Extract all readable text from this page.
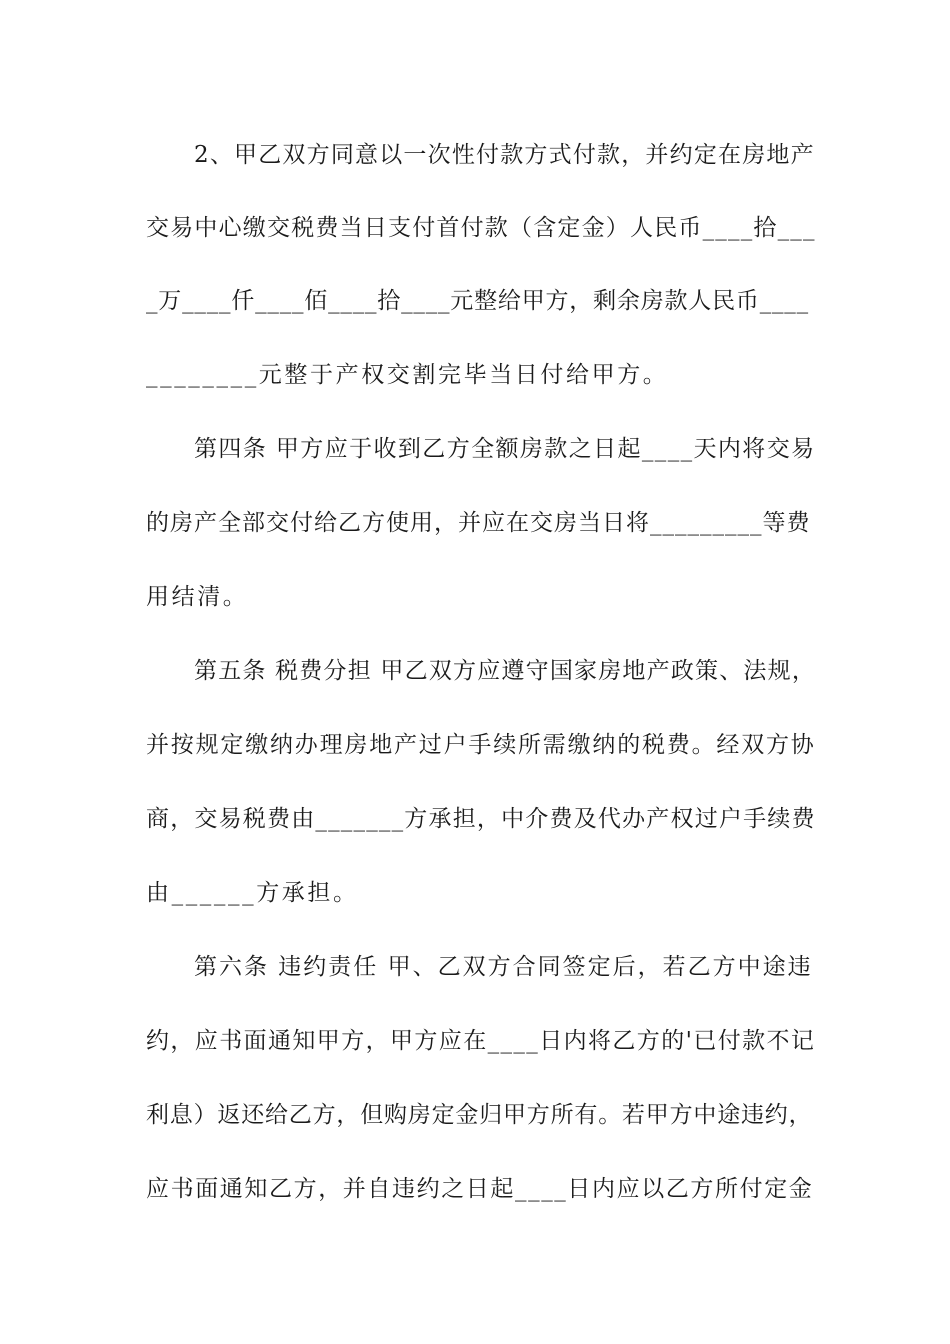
2、甲乙双方同意以一次性付款方式付款，并约定在房地产
交易中心缴交税费当日支付首付款（含定金）人民币____拾___
_万____仟____佰____拾____元整给甲方，剩余房款人民币____
________元整于产权交割完毕当日付给甲方。
第四条 甲方应于收到乙方全额房款之日起____天内将交易
的房产全部交付给乙方使用，并应在交房当日将_________等费
用结清。
第五条 税费分担 甲乙双方应遵守国家房地产政策、法规，
并按规定缴纳办理房地产过户手续所需缴纳的税费。经双方协
商，交易税费由_______方承担，中介费及代办产权过户手续费
由______方承担。
第六条 违约责任 甲、乙双方合同签定后，若乙方中途违
约，应书面通知甲方，甲方应在____日内将乙方的'已付款不记
利息）返还给乙方，但购房定金归甲方所有。若甲方中途违约，
应书面通知乙方，并自违约之日起____日内应以乙方所付定金
